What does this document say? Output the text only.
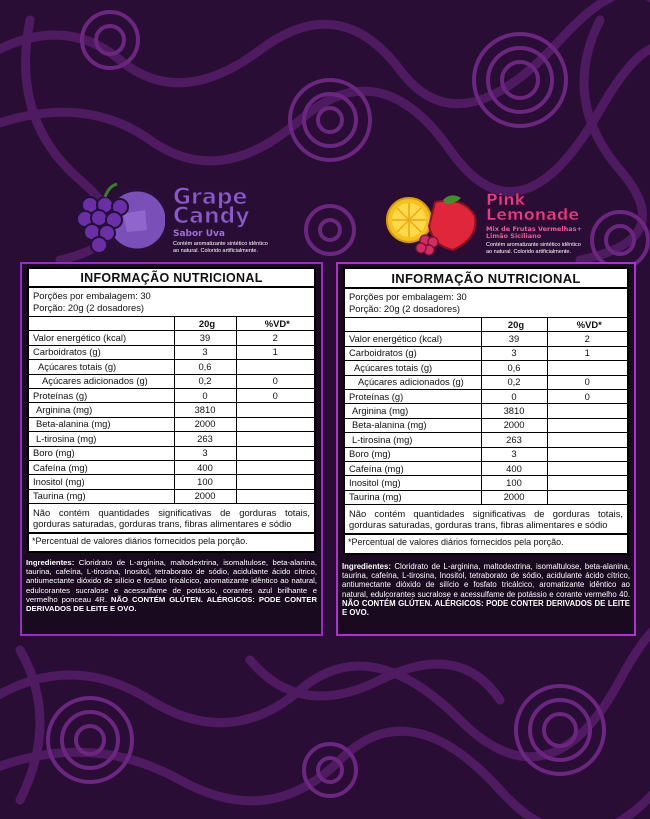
Grape
Candy
Sabor Uva
Contém aromatizante sintético idêntico
ao natural. Colorido artificialmente.
Pink
Lemonade
Mix de Frutas Vermelhas+
Limão Siciliano
Contém aromatizante sintético idêntico
ao natural. Colorido artificialmente.
INFORMAÇÃO NUTRICIONAL
Porções por embalagem: 30
Porção: 20g (2 dosadores)
	20g	%VD*
Valor energético (kcal)	39	2
Carboidratos (g)	3	1
Açúcares totais (g)	0,6	
Açúcares adicionados (g)	0,2	0
Proteínas (g)	0	0
Arginina (mg)	3810	
Beta-alanina (mg)	2000	
L-tirosina (mg)	263	
Boro (mg)	3	
Cafeína (mg)	400	
Inositol (mg)	100	
Taurina (mg)	2000	
Não contém quantidades significativas de gorduras totais, gorduras saturadas, gorduras trans, fibras alimentares e sódio
*Percentual de valores diários fornecidos pela porção.
Ingredientes: Cloridrato de L-arginina, maltodextrina, isomaltulose, beta-alanina, taurina, cafeína, L-tirosina, Inositol, tetraborato de sódio, acidulante ácido cítrico, antiumectante dióxido de silício e fosfato tricálcico, aromatizante idêntico ao natural, edulcorantes sucralose e acessulfame de potássio, corantes azul brilhante e vermelho ponceau 4R. NÃO CONTÉM GLÚTEN. ALÉRGICOS: PODE CONTER DERIVADOS DE LEITE E OVO.
INFORMAÇÃO NUTRICIONAL
Porções por embalagem: 30
Porção: 20g (2 dosadores)
	20g	%VD*
Valor energético (kcal)	39	2
Carboidratos (g)	3	1
Açúcares totais (g)	0,6	
Açúcares adicionados (g)	0,2	0
Proteínas (g)	0	0
Arginina (mg)	3810	
Beta-alanina (mg)	2000	
L-tirosina (mg)	263	
Boro (mg)	3	
Cafeína (mg)	400	
Inositol (mg)	100	
Taurina (mg)	2000	
Não contém quantidades significativas de gorduras totais, gorduras saturadas, gorduras trans, fibras alimentares e sódio
*Percentual de valores diários fornecidos pela porção.
Ingredientes: Cloridrato de L-arginina, maltodextrina, isomaltulose, beta-alanina, taurina, cafeína, L-tirosina, Inositol, tetraborato de sódio, acidulante ácido cítrico, antiumectante dióxido de silício e fosfato tricálcico, aromatizante idêntico ao natural, edulcorantes sucralose e acessulfame de potássio e corante vermelho 40. NÃO CONTÉM GLÚTEN. ALÉRGICOS: PODE CONTER DERIVADOS DE LEITE E OVO.
